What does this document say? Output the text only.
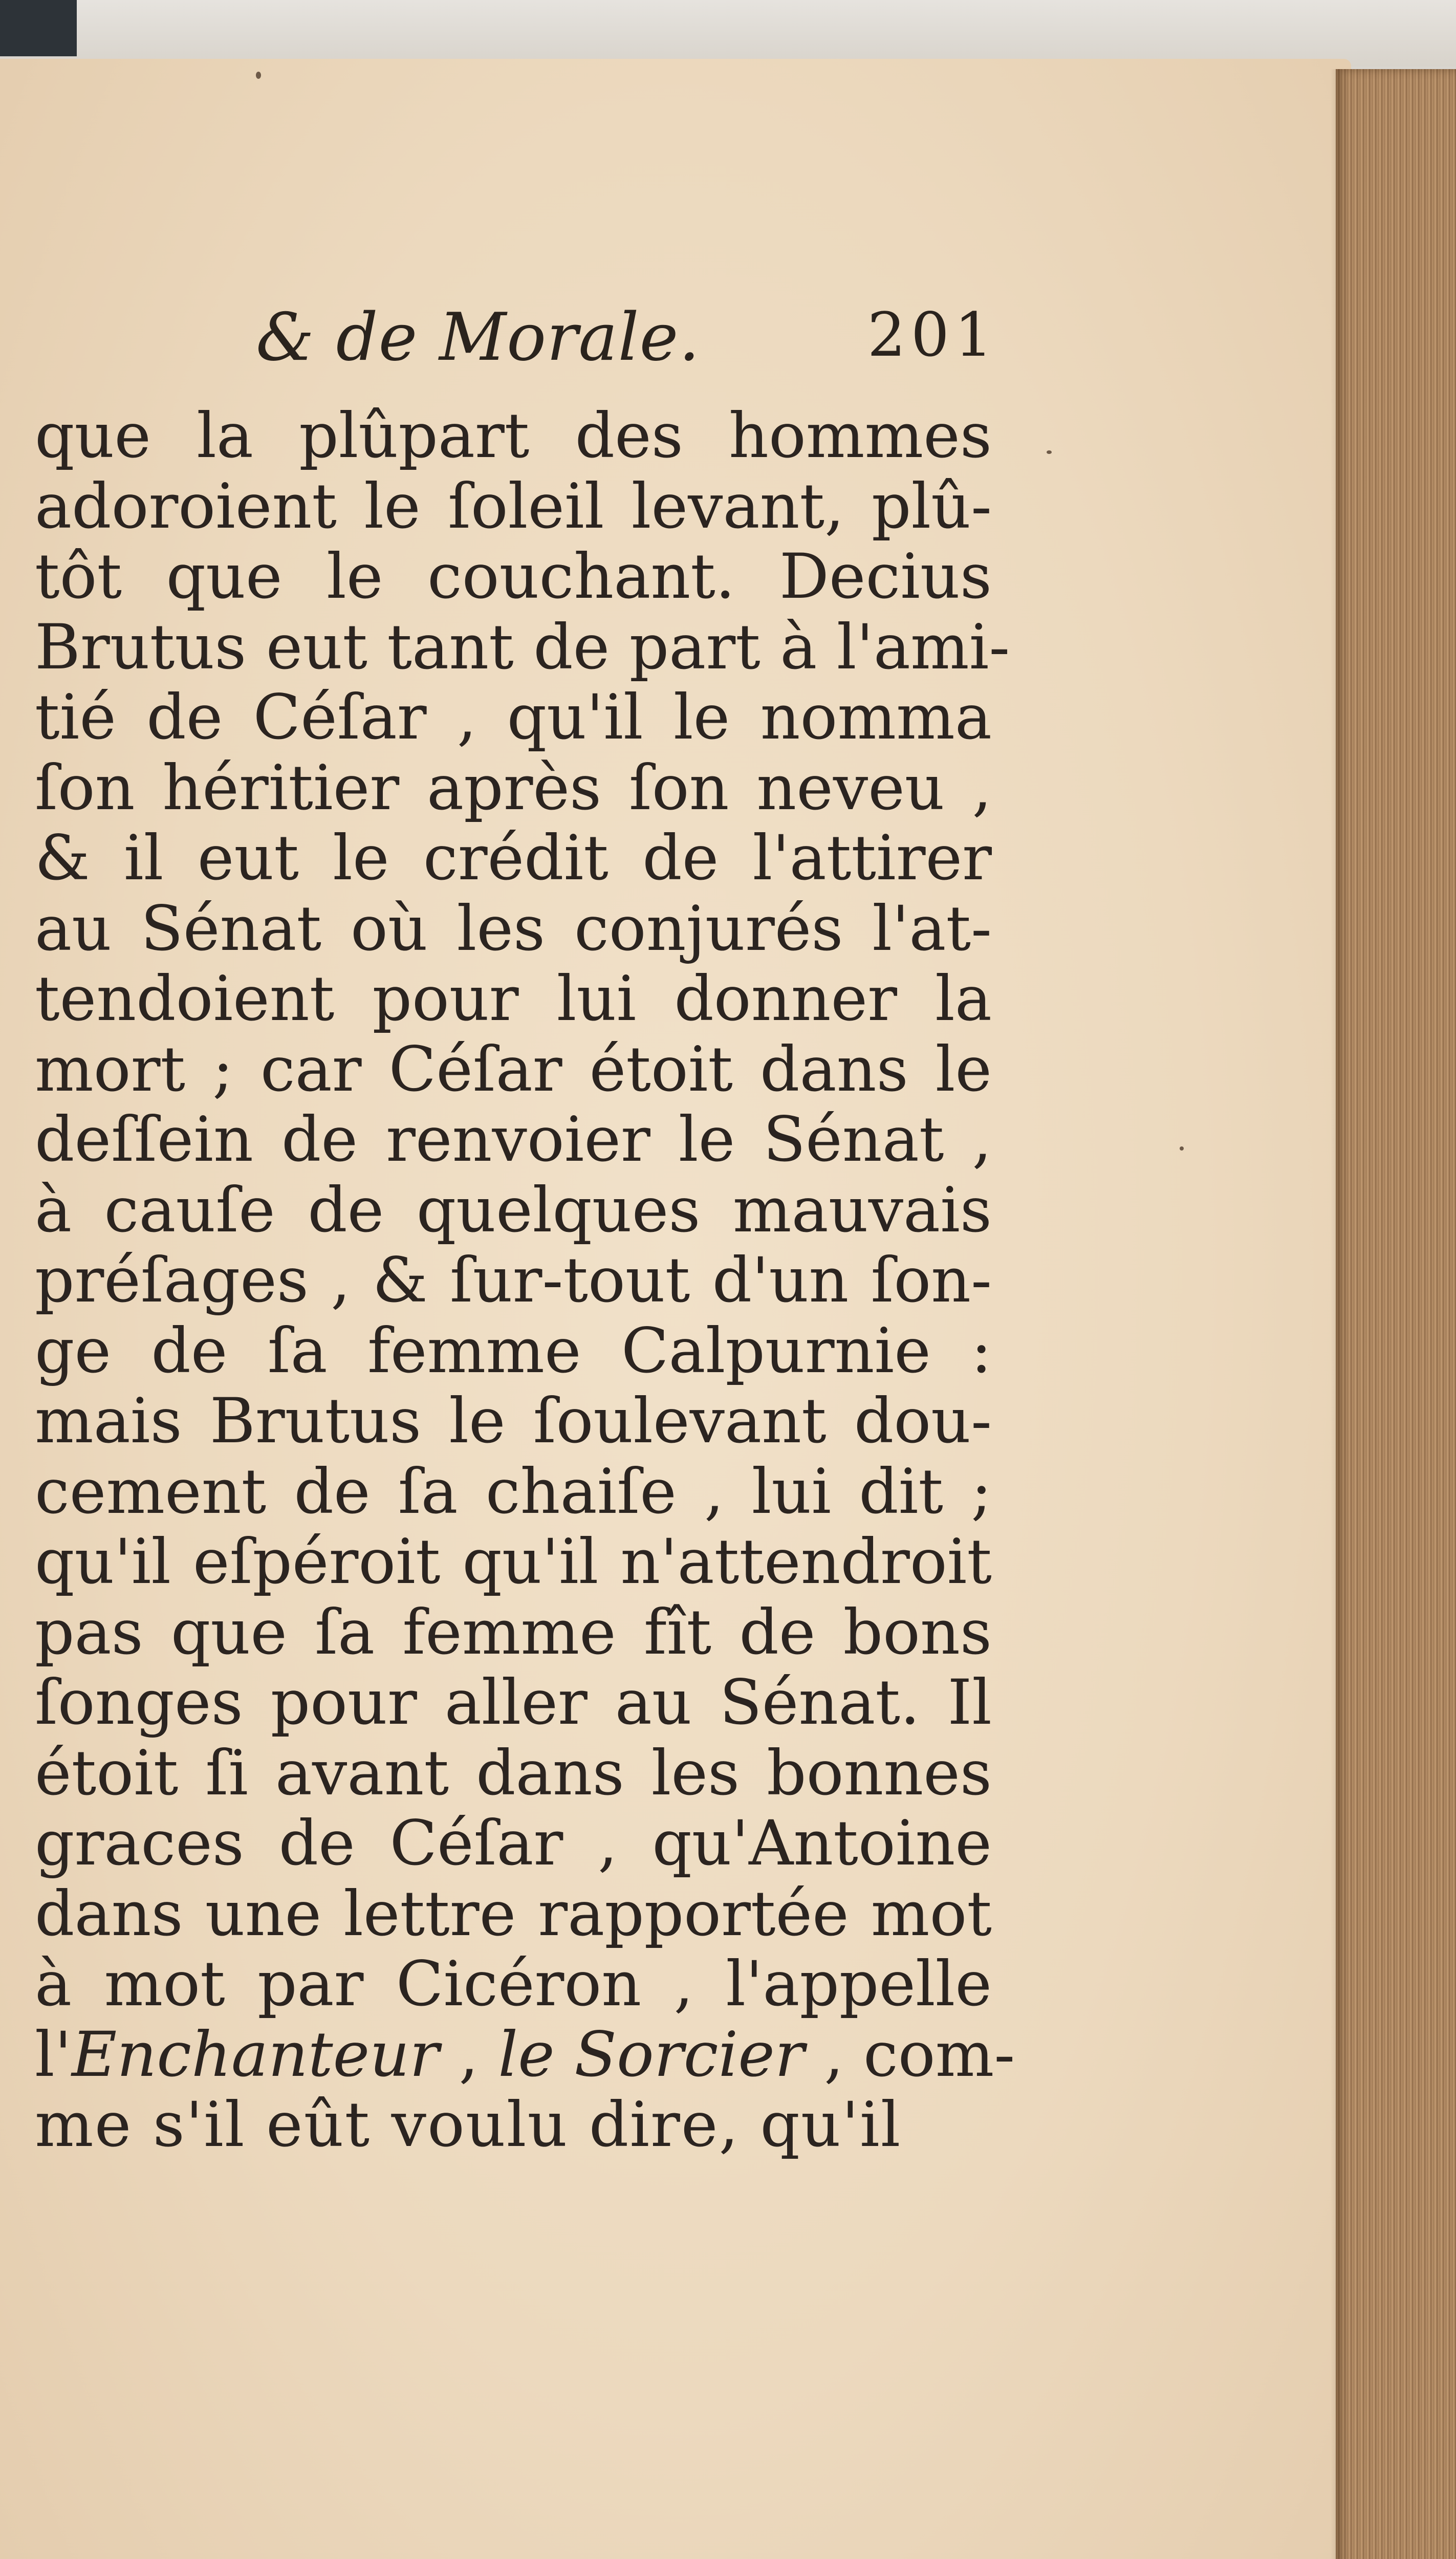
& de Morale.	201
que la plûpart des hommes
adoroient le ſoleil levant, plû-
tôt que le couchant. Decius
Brutus eut tant de part à l'ami-
tié de Céſar , qu'il le nomma
ſon héritier après ſon neveu ,
& il eut le crédit de l'attirer
au Sénat où les conjurés l'at-
tendoient pour lui donner la
mort ; car Céſar étoit dans le
deſſein de renvoier le Sénat ,
à cauſe de quelques mauvais
préſages , & ſur-tout d'un ſon-
ge de ſa femme Calpurnie :
mais Brutus le ſoulevant dou-
cement de ſa chaiſe , lui dit ;
qu'il eſpéroit qu'il n'attendroit
pas que ſa femme fît de bons
ſonges pour aller au Sénat. Il
étoit ſi avant dans les bonnes
graces de Céſar , qu'Antoine
dans une lettre rapportée mot
à mot par Cicéron , l'appelle
l'Enchanteur , le Sorcier , com-
me s'il eût voulu dire, qu'il
